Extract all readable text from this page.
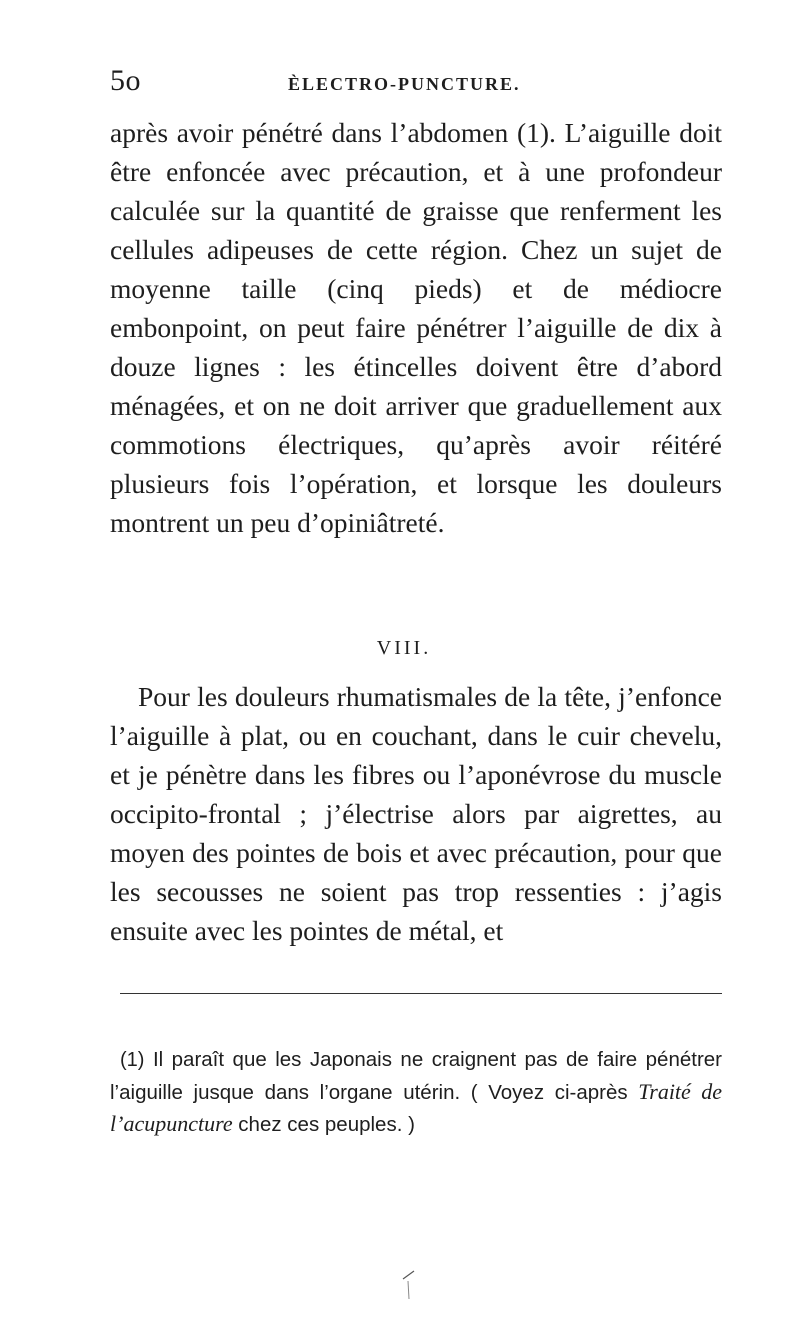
5o	ÈLECTRO-PUNCTURE.

après avoir pénétré dans l’abdomen (1). L’aiguille doit être enfoncée avec précaution, et à une profondeur calculée sur la quantité de graisse que renferment les cellules adipeuses de cette région. Chez un sujet de moyenne taille (cinq pieds) et de médiocre embonpoint, on peut faire pénétrer l’aiguille de dix à douze lignes : les étincelles doivent être d’abord ménagées, et on ne doit arriver que graduellement aux commotions électriques, qu’après avoir réitéré plusieurs fois l’opération, et lorsque les douleurs montrent un peu d’opiniâtreté.

VIII.

Pour les douleurs rhumatismales de la tête, j’enfonce l’aiguille à plat, ou en couchant, dans le cuir chevelu, et je pénètre dans les fibres ou l’aponévrose du muscle occipito-frontal ; j’électrise alors par aigrettes, au moyen des pointes de bois et avec précaution, pour que les secousses ne soient pas trop ressenties : j’agis ensuite avec les pointes de métal, et

(1) Il paraît que les Japonais ne craignent pas de faire pénétrer l’aiguille jusque dans l’organe utérin. ( Voyez ci-après Traité de l’acupuncture chez ces peuples. )
